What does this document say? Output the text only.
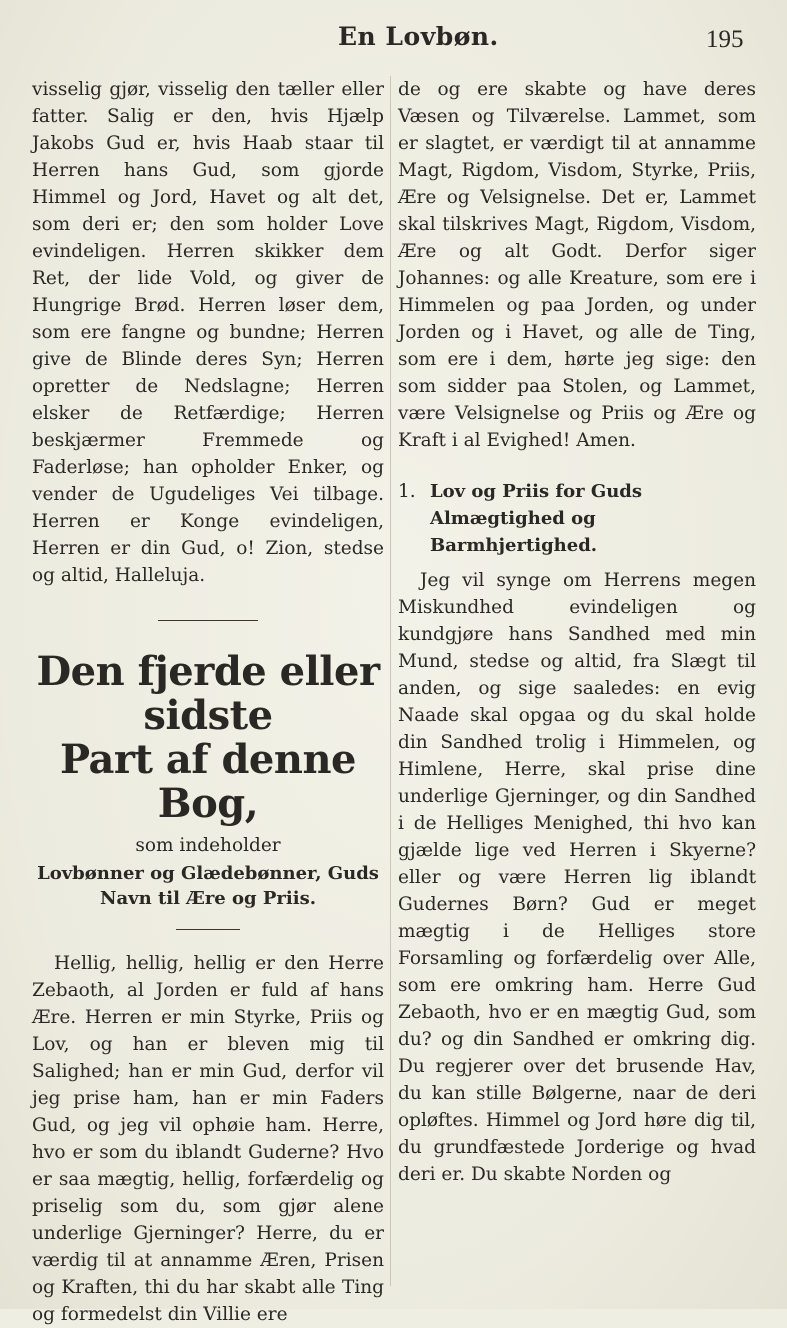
En Lovbøn.	195

visselig gjør, visselig den tæller eller fatter. Salig er den, hvis Hjælp Jakobs Gud er, hvis Haab staar til Herren hans Gud, som gjorde Himmel og Jord, Havet og alt det, som deri er; den som holder Love evindeligen. Herren skikker dem Ret, der lide Vold, og giver de Hungrige Brød. Herren løser dem, som ere fangne og bundne; Herren give de Blinde deres Syn; Herren opretter de Nedslagne; Herren elsker de Retfærdige; Herren beskjærmer Fremmede og Faderløse; han opholder Enker, og vender de Ugudeliges Vei tilbage. Herren er Konge evindeligen, Herren er din Gud, o! Zion, stedse og altid, Halleluja.

Den fjerde eller sidste
Part af denne Bog,

som indeholder

Lovbønner og Glædebønner, Guds
Navn til Ære og Priis.

Hellig, hellig, hellig er den Herre Zebaoth, al Jorden er fuld af hans Ære. Herren er min Styrke, Priis og Lov, og han er bleven mig til Salighed; han er min Gud, derfor vil jeg prise ham, han er min Faders Gud, og jeg vil ophøie ham. Herre, hvo er som du iblandt Guderne? Hvo er saa mægtig, hellig, forfærdelig og priselig som du, som gjør alene underlige Gjerninger? Herre, du er værdig til at annamme Æren, Prisen og Kraften, thi du har skabt alle Ting og formedelst din Villie ere

de og ere skabte og have deres Væsen og Tilværelse. Lammet, som er slagtet, er værdigt til at annamme Magt, Rigdom, Visdom, Styrke, Priis, Ære og Velsignelse. Det er, Lammet skal tilskrives Magt, Rigdom, Visdom, Ære og alt Godt. Derfor siger Johannes: og alle Kreature, som ere i Himmelen og paa Jorden, og under Jorden og i Havet, og alle de Ting, som ere i dem, hørte jeg sige: den som sidder paa Stolen, og Lammet, være Velsignelse og Priis og Ære og Kraft i al Evighed! Amen.

1. Lov og Priis for Guds Almægtighed og Barmhjertighed.

Jeg vil synge om Herrens megen Miskundhed evindeligen og kundgjøre hans Sandhed med min Mund, stedse og altid, fra Slægt til anden, og sige saaledes: en evig Naade skal opgaa og du skal holde din Sandhed trolig i Himmelen, og Himlene, Herre, skal prise dine underlige Gjerninger, og din Sandhed i de Helliges Menighed, thi hvo kan gjælde lige ved Herren i Skyerne? eller og være Herren lig iblandt Gudernes Børn? Gud er meget mægtig i de Helliges store Forsamling og forfærdelig over Alle, som ere omkring ham. Herre Gud Zebaoth, hvo er en mægtig Gud, som du? og din Sandhed er omkring dig. Du regjerer over det brusende Hav, du kan stille Bølgerne, naar de deri opløftes. Himmel og Jord høre dig til, du grundfæstede Jorderige og hvad deri er. Du skabte Norden og
